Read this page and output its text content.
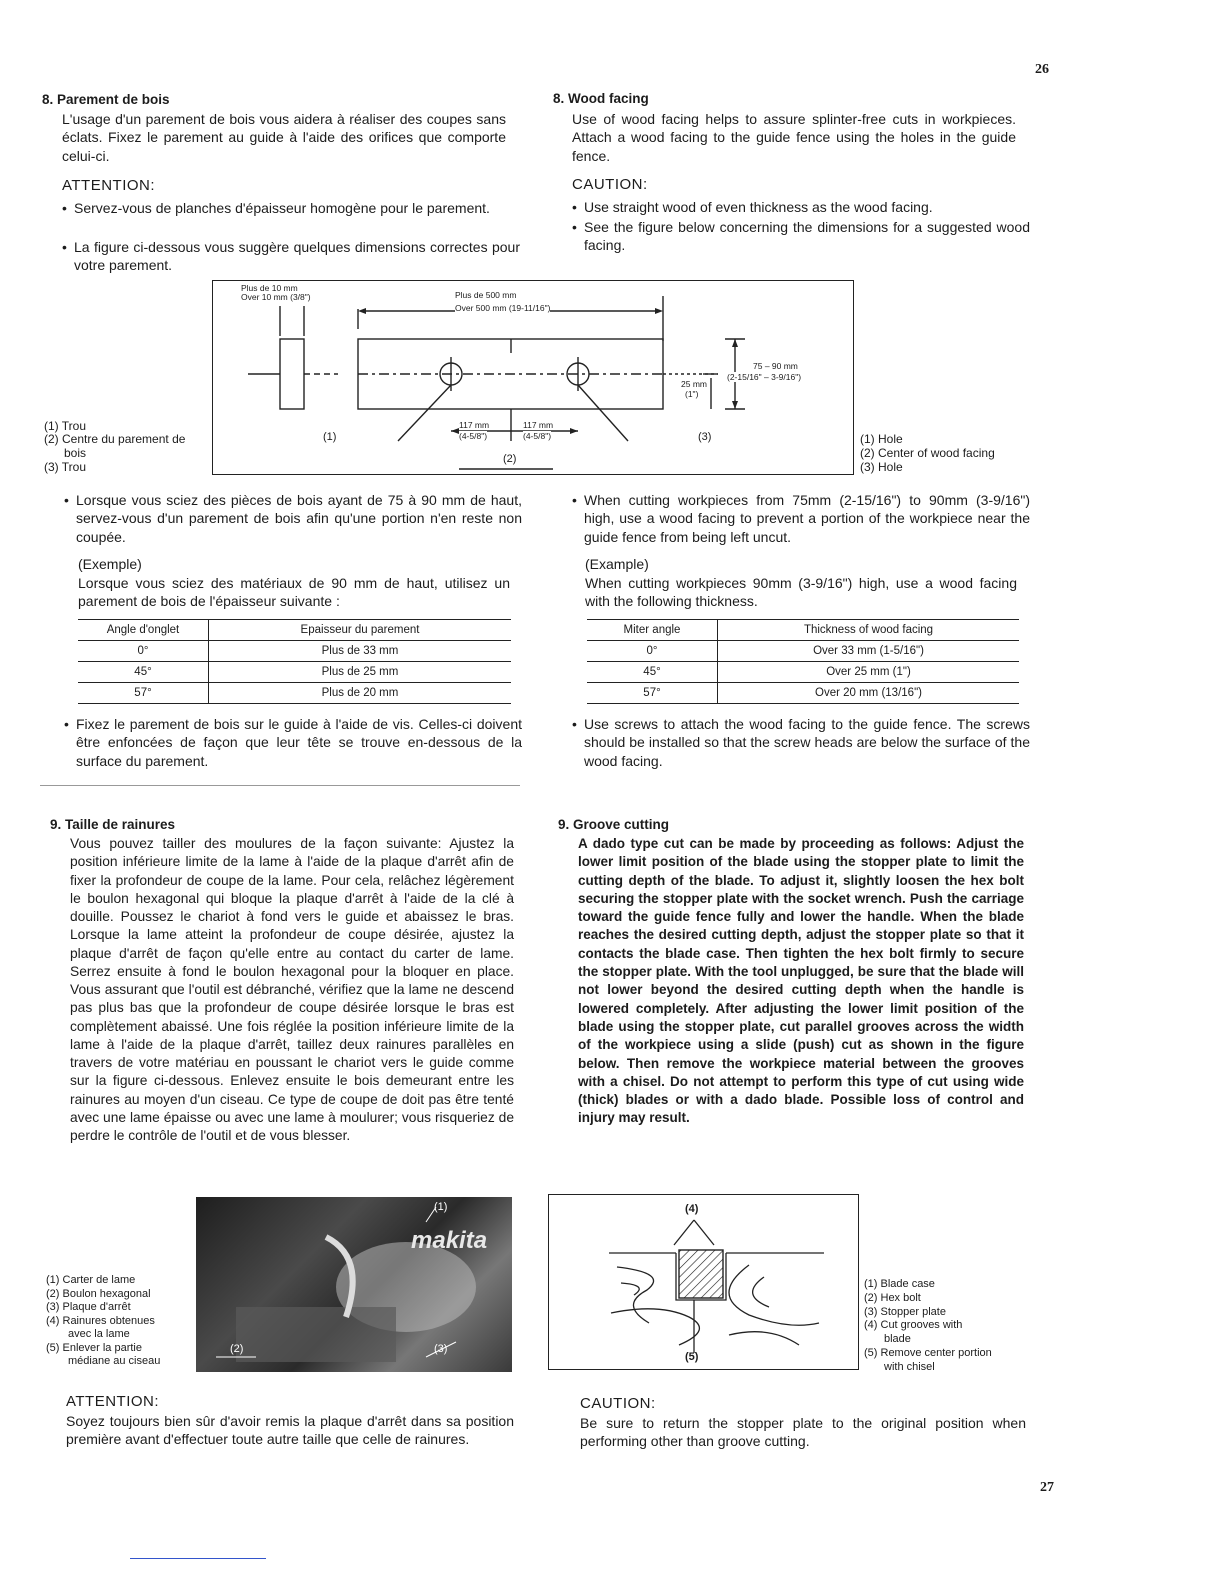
26
27
8. Parement de bois
L'usage d'un parement de bois vous aidera à réaliser des coupes sans éclats. Fixez le parement au guide à l'aide des orifices que comporte celui-ci.
ATTENTION:
• Servez-vous de planches d'épaisseur homogène pour le parement.
• La figure ci-dessous vous suggère quelques dimensions correctes pour votre parement.
8. Wood facing
Use of wood facing helps to assure splinter-free cuts in workpieces. Attach a wood facing to the guide fence using the holes in the guide fence.
CAUTION:
• Use straight wood of even thickness as the wood facing.
• See the figure below concerning the dimensions for a suggested wood facing.
Plus de 10 mm
Over 10 mm (3/8")	Plus de 500 mm
Over 500 mm (19-11/16")
75 – 90 mm
(2-15/16" – 3-9/16")
25 mm
(1")
117 mm
(4-5/8")
117 mm
(4-5/8")
(1)
(2)
(3)
(1) Trou
(2) Centre du parement de
bois
(3) Trou
(1) Hole
(2) Center of wood facing
(3) Hole
• Lorsque vous sciez des pièces de bois ayant de 75 à 90 mm de haut, servez-vous d'un parement de bois afin qu'une portion n'en reste non coupée.
(Exemple)
Lorsque vous sciez des matériaux de 90 mm de haut, utilisez un parement de bois de l'épaisseur suivante :
Angle d'onglet	Epaisseur du parement
0°	Plus de 33 mm
45°	Plus de 25 mm
57°	Plus de 20 mm
• Fixez le parement de bois sur le guide à l'aide de vis. Celles-ci doivent être enfoncées de façon que leur tête se trouve en-dessous de la surface du parement.
• When cutting workpieces from 75mm (2-15/16") to 90mm (3-9/16") high, use a wood facing to prevent a portion of the workpiece near the guide fence from being left uncut.
(Example)
When cutting workpieces 90mm (3-9/16") high, use a wood facing with the following thickness.
Miter angle	Thickness of wood facing
0°	Over 33 mm (1-5/16")
45°	Over 25 mm (1")
57°	Over 20 mm (13/16")
• Use screws to attach the wood facing to the guide fence. The screws should be installed so that the screw heads are below the surface of the wood facing.
9. Taille de rainures
Vous pouvez tailler des moulures de la façon suivante: Ajustez la position inférieure limite de la lame à l'aide de la plaque d'arrêt afin de fixer la profondeur de coupe de la lame. Pour cela, relâchez légèrement le boulon hexagonal qui bloque la plaque d'arrêt à l'aide de la clé à douille. Poussez le chariot à fond vers le guide et abaissez le bras. Lorsque la lame atteint la profondeur de coupe désirée, ajustez la plaque d'arrêt de façon qu'elle entre au contact du carter de lame. Serrez ensuite à fond le boulon hexagonal pour la bloquer en place. Vous assurant que l'outil est débranché, vérifiez que la lame ne descend pas plus bas que la profondeur de coupe désirée lorsque le bras est complètement abaissé. Une fois réglée la position inférieure limite de la lame à l'aide de la plaque d'arrêt, taillez deux rainures parallèles en travers de votre matériau en poussant le chariot vers le guide comme sur la figure ci-dessous. Enlevez ensuite le bois demeurant entre les rainures au moyen d'un ciseau. Ce type de coupe de doit pas être tenté avec une lame épaisse ou avec une lame à moulurer; vous risqueriez de perdre le contrôle de l'outil et de vous blesser.
makita
(1)
(2)	(3)
(1) Carter de lame
(2) Boulon hexagonal
(3) Plaque d'arrêt
(4) Rainures obtenues
avec la lame
(5) Enlever la partie
médiane au ciseau
ATTENTION:
Soyez toujours bien sûr d'avoir remis la plaque d'arrêt dans sa position première avant d'effectuer toute autre taille que celle de rainures.
9. Groove cutting
A dado type cut can be made by proceeding as follows: Adjust the lower limit position of the blade using the stopper plate to limit the cutting depth of the blade. To adjust it, slightly loosen the hex bolt securing the stopper plate with the socket wrench. Push the carriage toward the guide fence fully and lower the handle. When the blade reaches the desired cutting depth, adjust the stopper plate so that it contacts the blade case. Then tighten the hex bolt firmly to secure the stopper plate. With the tool unplugged, be sure that the blade will not lower beyond the desired cutting depth when the handle is lowered completely. After adjusting the lower limit position of the blade using the stopper plate, cut parallel grooves across the width of the workpiece using a slide (push) cut as shown in the figure below. Then remove the workpiece material between the grooves with a chisel. Do not attempt to perform this type of cut using wide (thick) blades or with a dado blade. Possible loss of control and injury may result.
(4)
(5)
(1) Blade case
(2) Hex bolt
(3) Stopper plate
(4) Cut grooves with
blade
(5) Remove center portion
with chisel
CAUTION:
Be sure to return the stopper plate to the original position when performing other than groove cutting.
